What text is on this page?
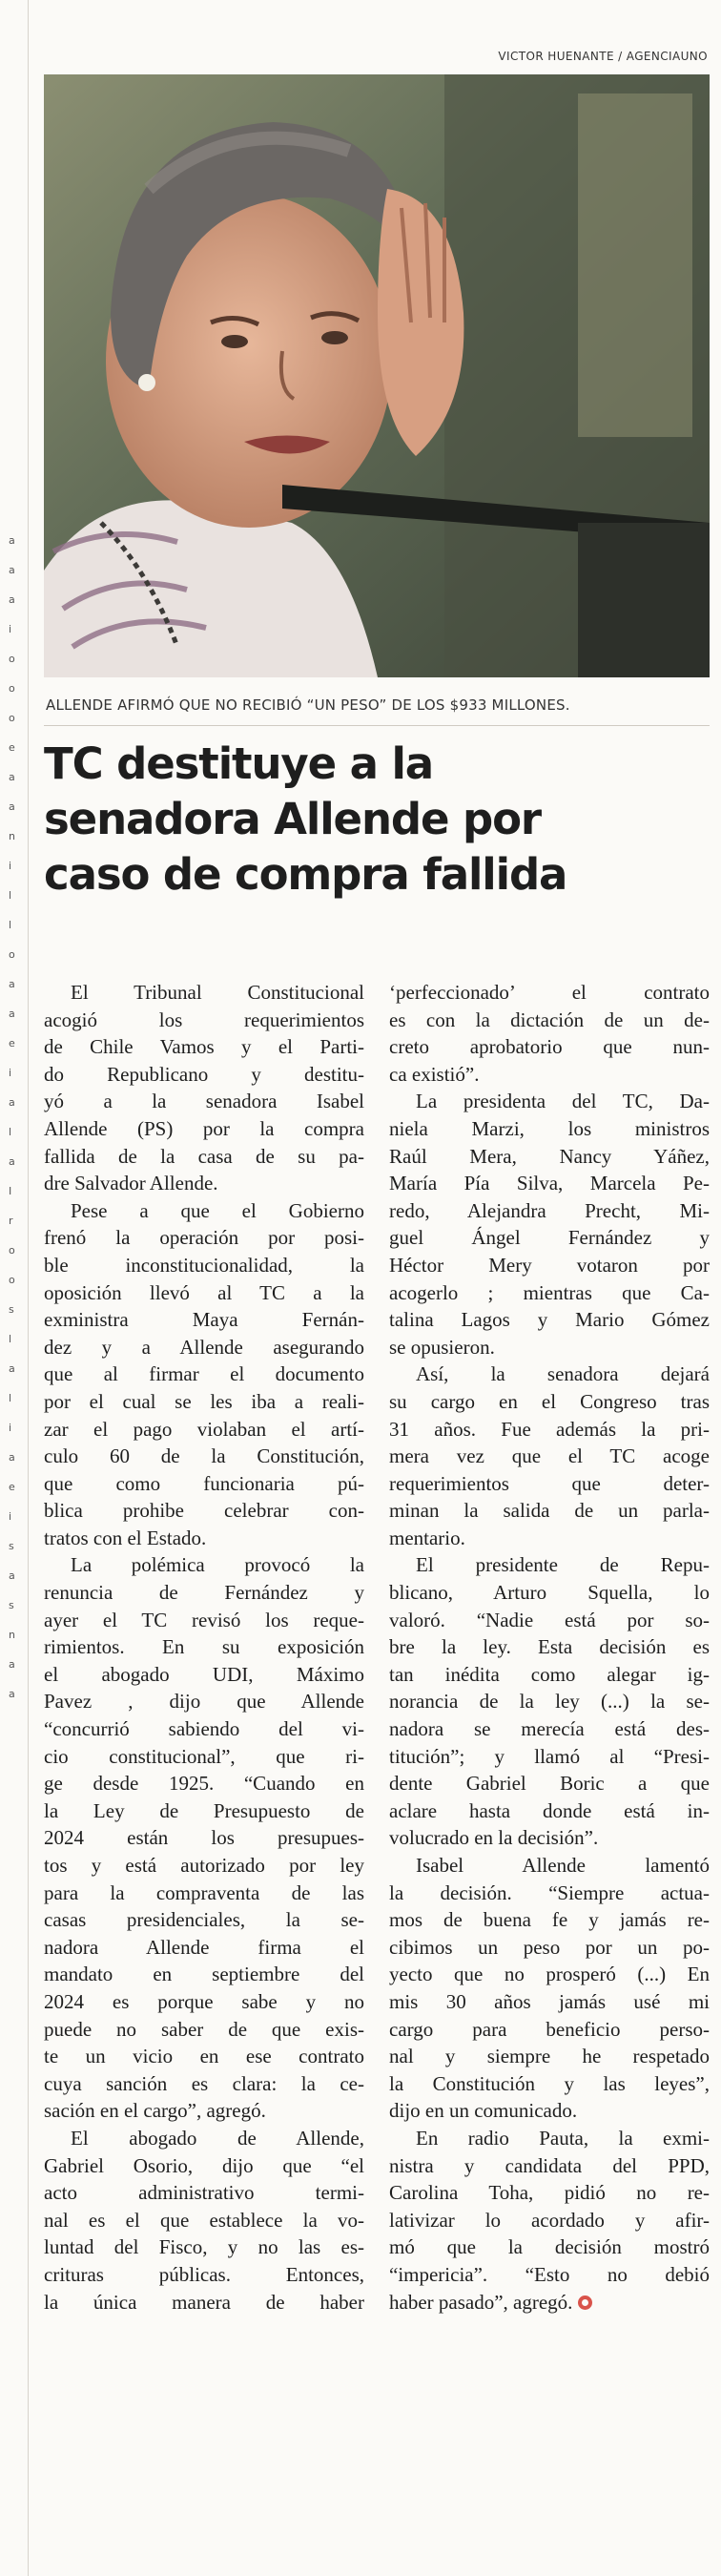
a
a
a
i
o
o
o
e
a
a
n
i
l
l
o
a
a
e
i
a
l
a
I
r
o
o
s
l
a
l
i
a
e
i
s
a
s
n
a
a
VICTOR HUENANTE / AGENCIAUNO
ALLENDE AFIRMÓ QUE NO RECIBIÓ “UN PESO” DE LOS $933 MILLONES.
TC destituye a la
senadora Allende por
caso de compra fallida
El Tribunal Constitucional
acogió los requerimientos
de Chile Vamos y el Parti-
do Republicano y destitu-
yó a la senadora Isabel
Allende (PS) por la compra
fallida de la casa de su pa-
dre Salvador Allende.
Pese a que el Gobierno
frenó la operación por posi-
ble inconstitucionalidad, la
oposición llevó al TC a la
exministra Maya Fernán-
dez y a Allende asegurando
que al firmar el documento
por el cual se les iba a reali-
zar el pago violaban el artí-
culo 60 de la Constitución,
que como funcionaria pú-
blica prohibe celebrar con-
tratos con el Estado.
La polémica provocó la
renuncia de Fernández y
ayer el TC revisó los reque-
rimientos. En su exposición
el abogado UDI, Máximo
Pavez , dijo que Allende
“concurrió sabiendo del vi-
cio constitucional”, que ri-
ge desde 1925. “Cuando en
la Ley de Presupuesto de
2024 están los presupues-
tos y está autorizado por ley
para la compraventa de las
casas presidenciales, la se-
nadora Allende firma el
mandato en septiembre del
2024 es porque sabe y no
puede no saber de que exis-
te un vicio en ese contrato
cuya sanción es clara: la ce-
sación en el cargo”, agregó.
El abogado de Allende,
Gabriel Osorio, dijo que “el
acto administrativo termi-
nal es el que establece la vo-
luntad del Fisco, y no las es-
crituras públicas. Entonces,
la única manera de haber
‘perfeccionado’ el contrato
es con la dictación de un de-
creto aprobatorio que nun-
ca existió”.
La presidenta del TC, Da-
niela Marzi, los ministros
Raúl Mera, Nancy Yáñez,
María Pía Silva, Marcela Pe-
redo, Alejandra Precht, Mi-
guel Ángel Fernández y
Héctor Mery votaron por
acogerlo ; mientras que Ca-
talina Lagos y Mario Gómez
se opusieron.
Así, la senadora dejará
su cargo en el Congreso tras
31 años. Fue además la pri-
mera vez que el TC acoge
requerimientos que deter-
minan la salida de un parla-
mentario.
El presidente de Repu-
blicano, Arturo Squella, lo
valoró. “Nadie está por so-
bre la ley. Esta decisión es
tan inédita como alegar ig-
norancia de la ley (...) la se-
nadora se merecía está des-
titución”; y llamó al “Presi-
dente Gabriel Boric a que
aclare hasta donde está in-
volucrado en la decisión”.
Isabel Allende lamentó
la decisión. “Siempre actua-
mos de buena fe y jamás re-
cibimos un peso por un po-
yecto que no prosperó (...) En
mis 30 años jamás usé mi
cargo para beneficio perso-
nal y siempre he respetado
la Constitución y las leyes”,
dijo en un comunicado.
En radio Pauta, la exmi-
nistra y candidata del PPD,
Carolina Toha, pidió no re-
lativizar lo acordado y afir-
mó que la decisión mostró
“impericia”. “Esto no debió
haber pasado”, agregó.
